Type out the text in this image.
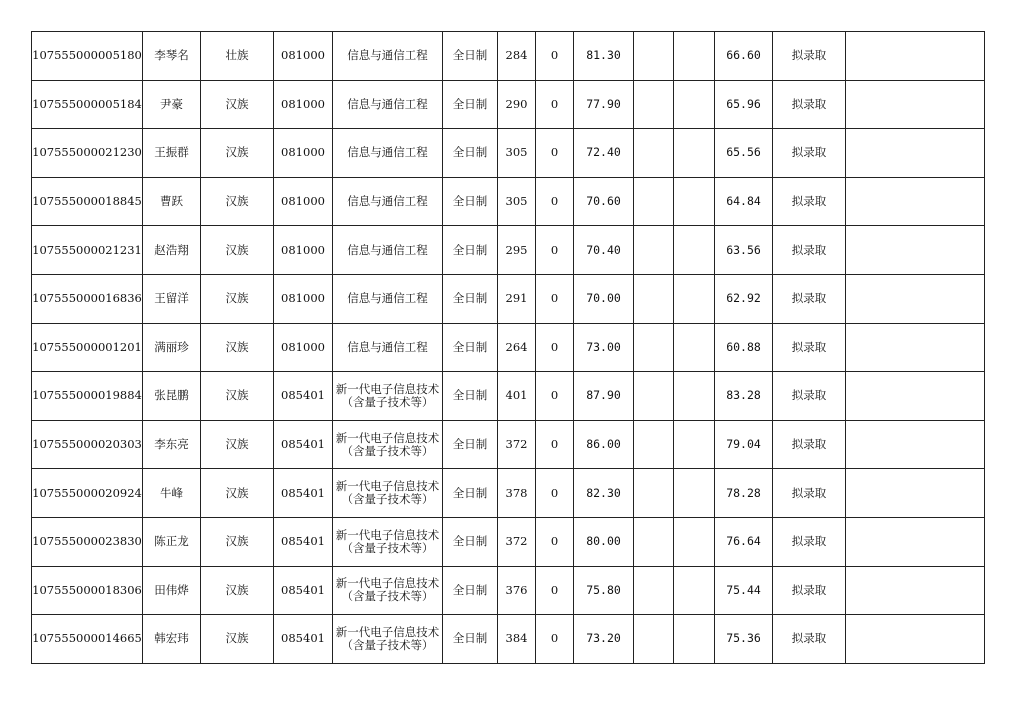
107555000005180	李琴名	壮族	081000	信息与通信工程	全日制	284	0	81.30			66.60	拟录取	
107555000005184	尹豪	汉族	081000	信息与通信工程	全日制	290	0	77.90			65.96	拟录取	
107555000021230	王振群	汉族	081000	信息与通信工程	全日制	305	0	72.40			65.56	拟录取	
107555000018845	曹跃	汉族	081000	信息与通信工程	全日制	305	0	70.60			64.84	拟录取	
107555000021231	赵浩翔	汉族	081000	信息与通信工程	全日制	295	0	70.40			63.56	拟录取	
107555000016836	王留洋	汉族	081000	信息与通信工程	全日制	291	0	70.00			62.92	拟录取	
107555000001201	满丽珍	汉族	081000	信息与通信工程	全日制	264	0	73.00			60.88	拟录取	
107555000019884	张昆鹏	汉族	085401	新一代电子信息技术（含量子技术等）	全日制	401	0	87.90			83.28	拟录取	
107555000020303	李东亮	汉族	085401	新一代电子信息技术（含量子技术等）	全日制	372	0	86.00			79.04	拟录取	
107555000020924	牛峰	汉族	085401	新一代电子信息技术（含量子技术等）	全日制	378	0	82.30			78.28	拟录取	
107555000023830	陈正龙	汉族	085401	新一代电子信息技术（含量子技术等）	全日制	372	0	80.00			76.64	拟录取	
107555000018306	田伟烨	汉族	085401	新一代电子信息技术（含量子技术等）	全日制	376	0	75.80			75.44	拟录取	
107555000014665	韩宏玮	汉族	085401	新一代电子信息技术（含量子技术等）	全日制	384	0	73.20			75.36	拟录取	
